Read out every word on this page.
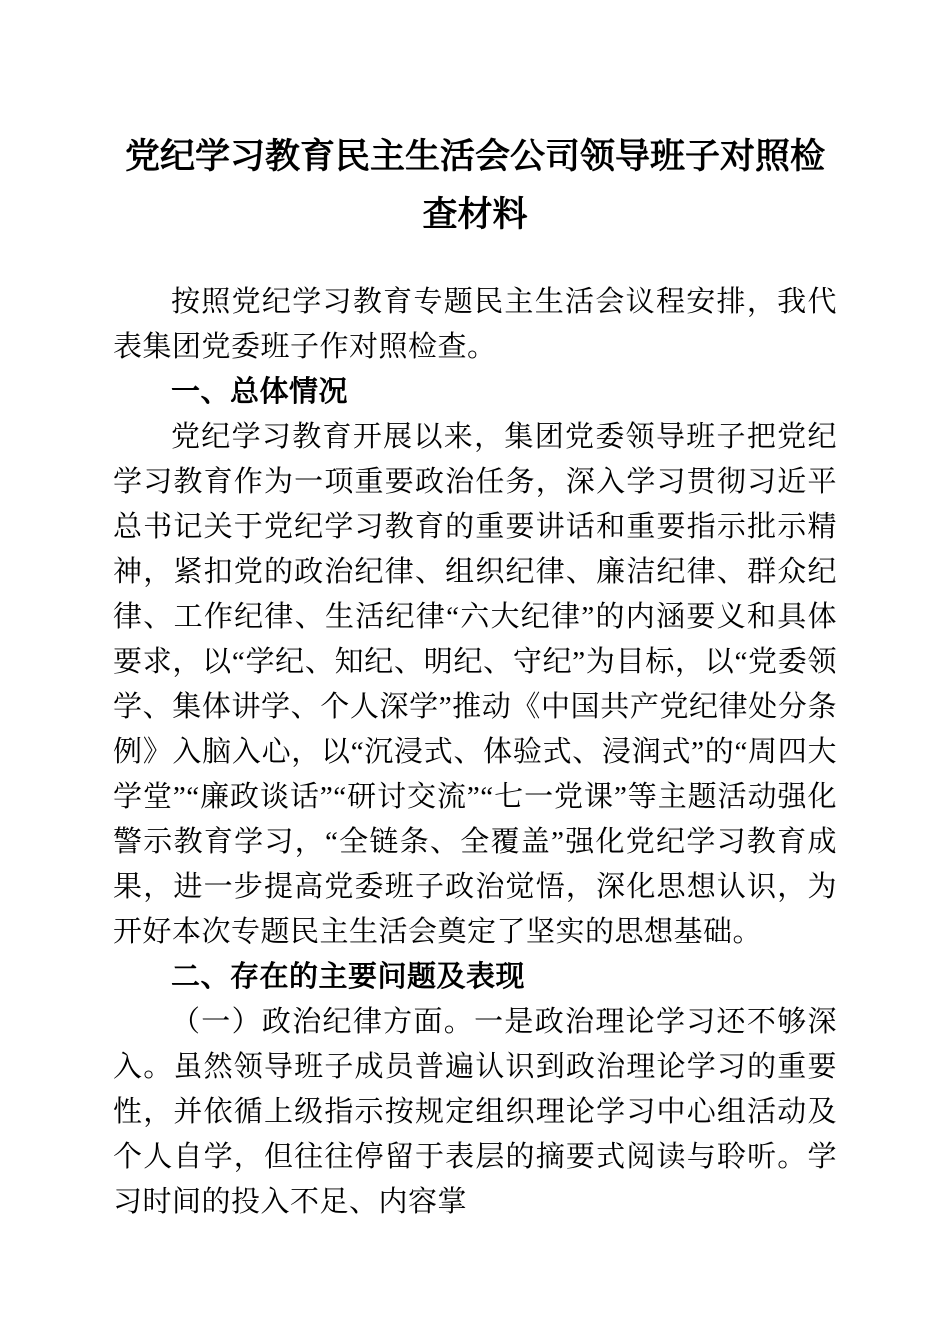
党纪学习教育民主生活会公司领导班子对照检查材料

按照党纪学习教育专题民主生活会议程安排，我代表集团党委班子作对照检查。

一、总体情况

党纪学习教育开展以来，集团党委领导班子把党纪学习教育作为一项重要政治任务，深入学习贯彻习近平总书记关于党纪学习教育的重要讲话和重要指示批示精神，紧扣党的政治纪律、组织纪律、廉洁纪律、群众纪律、工作纪律、生活纪律“六大纪律”的内涵要义和具体要求，以“学纪、知纪、明纪、守纪”为目标，以“党委领学、集体讲学、个人深学”推动《中国共产党纪律处分条例》入脑入心，以“沉浸式、体验式、浸润式”的“周四大学堂”“廉政谈话”“研讨交流”“七一党课”等主题活动强化警示教育学习，“全链条、全覆盖”强化党纪学习教育成果，进一步提高党委班子政治觉悟，深化思想认识，为开好本次专题民主生活会奠定了坚实的思想基础。

二、存在的主要问题及表现

（一）政治纪律方面。一是政治理论学习还不够深入。虽然领导班子成员普遍认识到政治理论学习的重要性，并依循上级指示按规定组织理论学习中心组活动及个人自学，但往往停留于表层的摘要式阅读与聆听。学习时间的投入不足、内容掌
